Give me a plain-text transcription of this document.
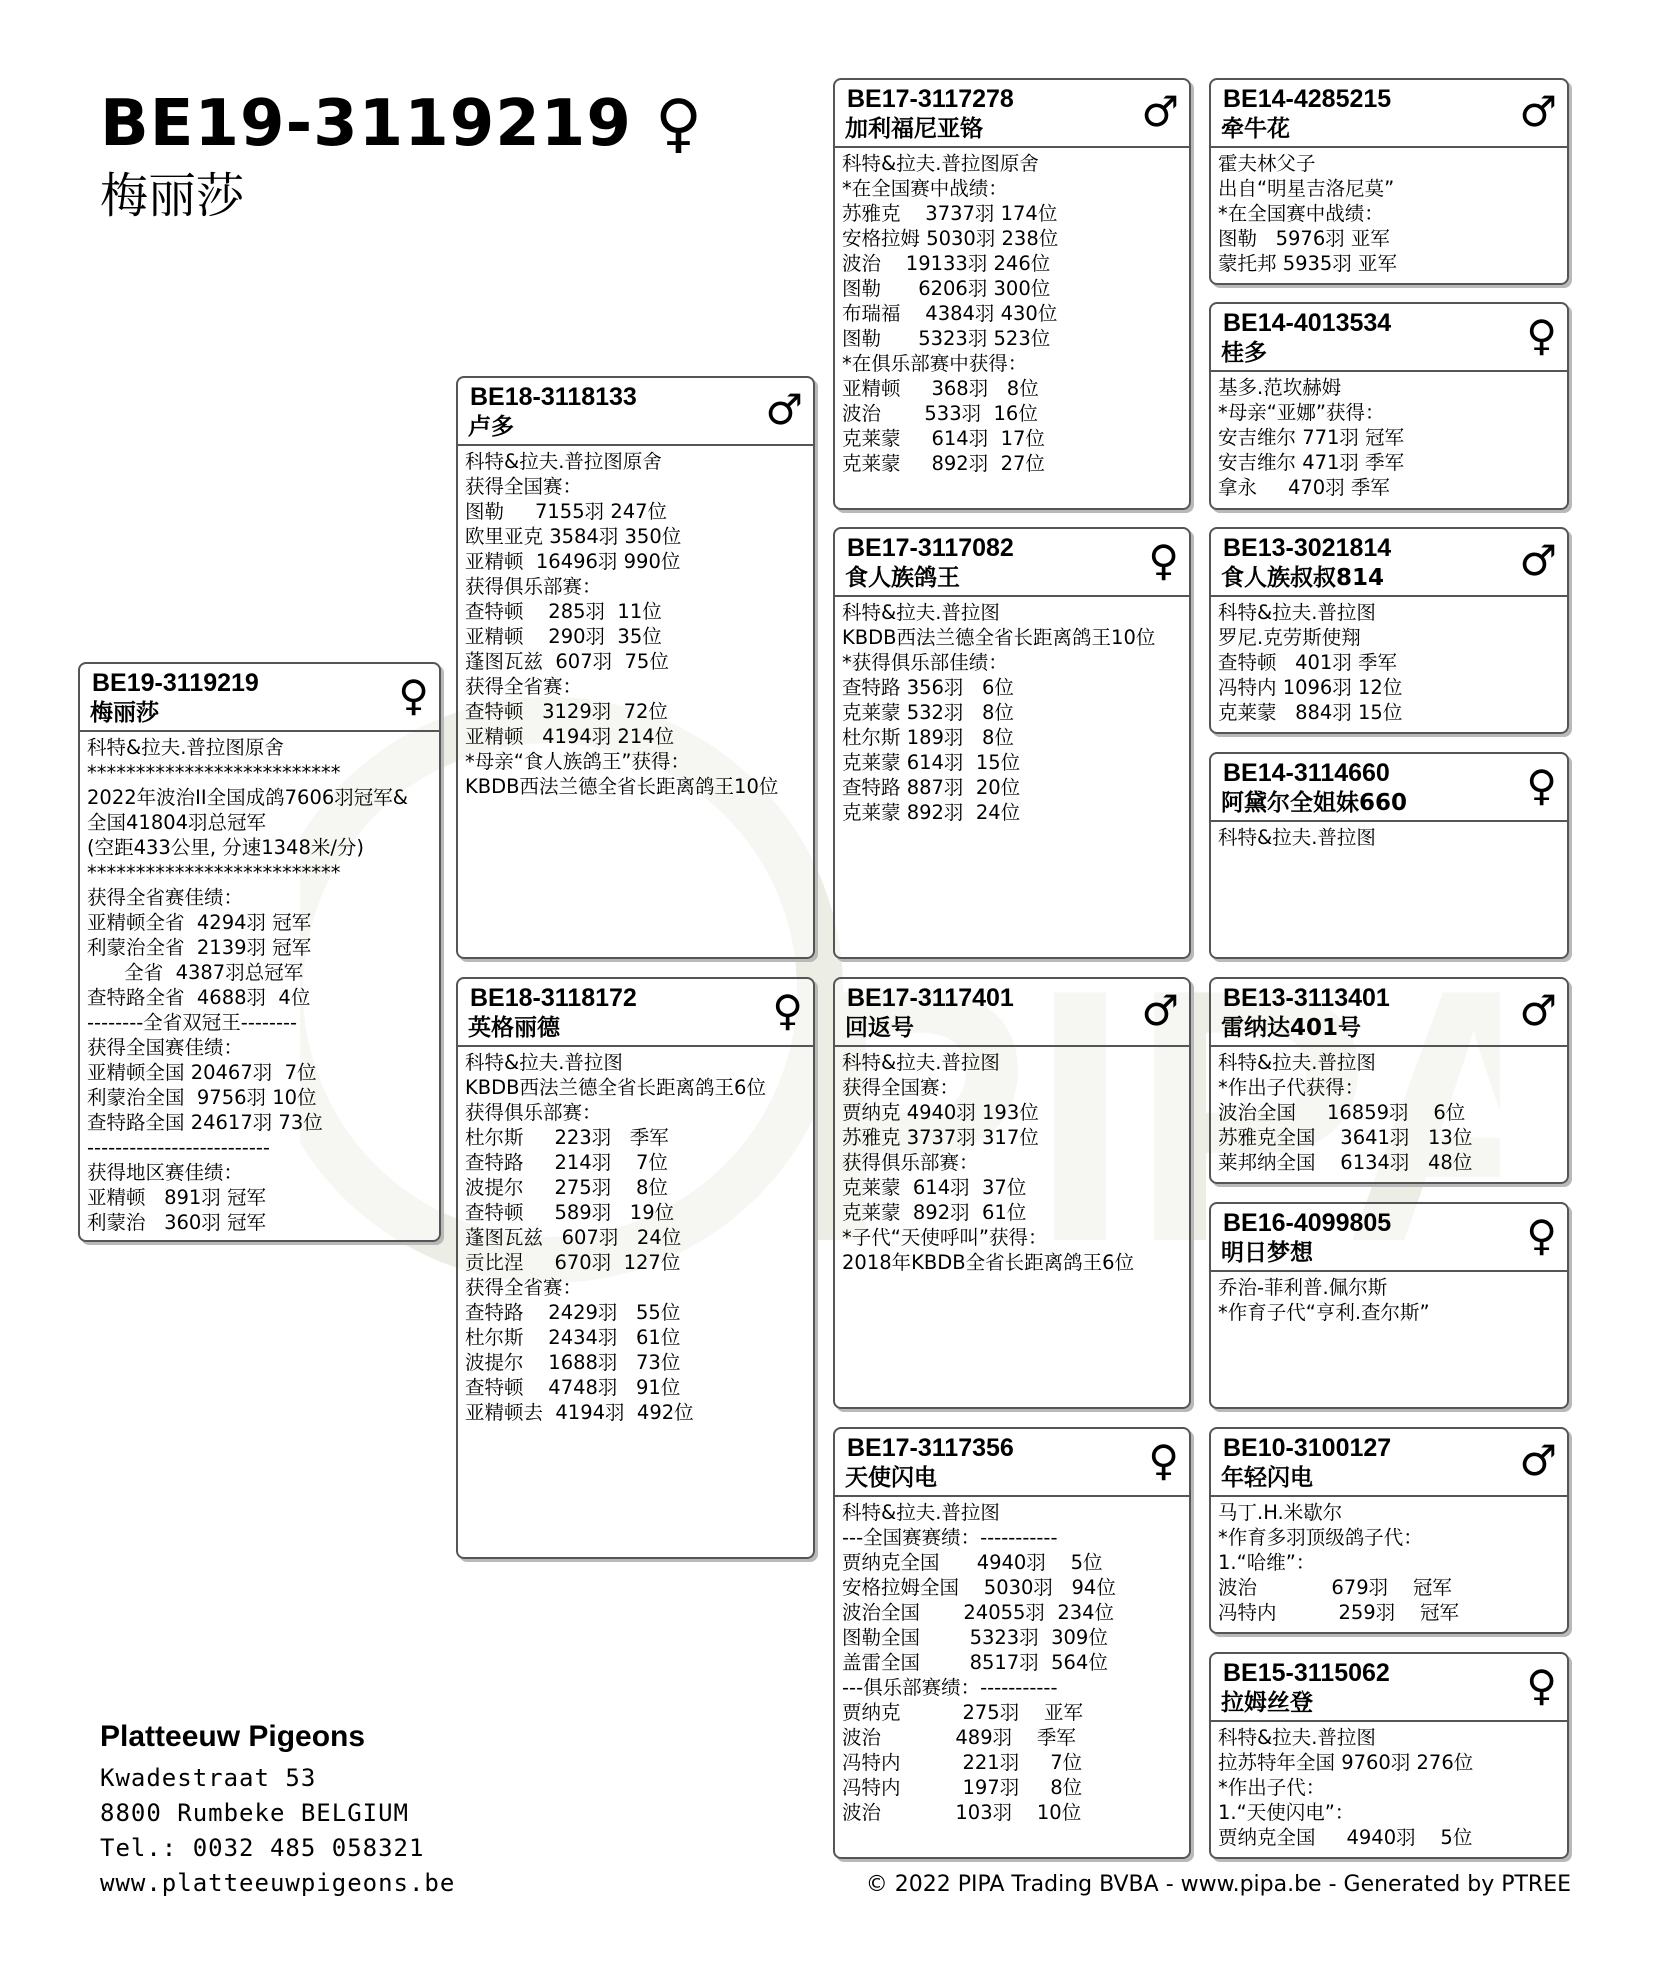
BE19-3119219 ♀
梅丽莎
Platteeuw Pigeons
Kwadestraat 53
8800 Rumbeke BELGIUM
Tel.: 0032 485 058321
www.platteeuwpigeons.be	© 2022 PIPA Trading BVBA - www.pipa.be - Generated by PTREE
BE19-3119219
梅丽莎	♀
科特&拉夫.普拉图原舍
**************************
2022年波治II全国成鸽7606羽冠军&
全国41804羽总冠军
(空距433公里, 分速1348米/分)
**************************
获得全省赛佳绩：
亚精顿全省  4294羽 冠军
利蒙治全省  2139羽 冠军
全省  4387羽总冠军
查特路全省  4688羽  4位
--------全省双冠王--------
获得全国赛佳绩：
亚精顿全国 20467羽  7位
利蒙治全国  9756羽 10位
查特路全国 24617羽 73位
--------------------------
获得地区赛佳绩：
亚精顿   891羽 冠军
利蒙治   360羽 冠军
BE18-3118133
卢多	♂
科特&拉夫.普拉图原舍
获得全国赛：
图勒     7155羽 247位
欧里亚克 3584羽 350位
亚精顿  16496羽 990位
获得俱乐部赛：
查特顿    285羽  11位
亚精顿    290羽  35位
蓬图瓦兹  607羽  75位
获得全省赛：
查特顿   3129羽  72位
亚精顿   4194羽 214位
*母亲“食人族鸽王”获得：
KBDB西法兰德全省长距离鸽王10位
BE18-3118172
英格丽德	♀
科特&拉夫.普拉图
KBDB西法兰德全省长距离鸽王6位
获得俱乐部赛：
杜尔斯     223羽   季军
查特路     214羽    7位
波提尔     275羽    8位
查特顿     589羽   19位
蓬图瓦兹   607羽   24位
贡比涅     670羽  127位
获得全省赛：
查特路    2429羽   55位
杜尔斯    2434羽   61位
波提尔    1688羽   73位
查特顿    4748羽   91位
亚精顿去  4194羽  492位
BE17-3117278
加利福尼亚铬	♂
科特&拉夫.普拉图原舍
*在全国赛中战绩：
苏雅克    3737羽 174位
安格拉姆 5030羽 238位
波治    19133羽 246位
图勒      6206羽 300位
布瑞福    4384羽 430位
图勒      5323羽 523位
*在俱乐部赛中获得：
亚精顿     368羽   8位
波治       533羽  16位
克莱蒙     614羽  17位
克莱蒙     892羽  27位
BE17-3117082
食人族鸽王	♀
科特&拉夫.普拉图
KBDB西法兰德全省长距离鸽王10位
*获得俱乐部佳绩：
查特路 356羽   6位
克莱蒙 532羽   8位
杜尔斯 189羽   8位
克莱蒙 614羽  15位
查特路 887羽  20位
克莱蒙 892羽  24位
BE17-3117401
回返号	♂
科特&拉夫.普拉图
获得全国赛：
贾纳克 4940羽 193位
苏雅克 3737羽 317位
获得俱乐部赛：
克莱蒙  614羽  37位
克莱蒙  892羽  61位
*子代“天使呼叫”获得：
2018年KBDB全省长距离鸽王6位
BE17-3117356
天使闪电	♀
科特&拉夫.普拉图
---全国赛赛绩：-----------
贾纳克全国      4940羽    5位
安格拉姆全国    5030羽   94位
波治全国       24055羽  234位
图勒全国        5323羽  309位
盖雷全国        8517羽  564位
---俱乐部赛绩：-----------
贾纳克          275羽    亚军
波治            489羽    季军
冯特内          221羽     7位
冯特内          197羽     8位
波治            103羽    10位
BE14-4285215
牵牛花	♂
霍夫林父子
出自“明星吉洛尼莫”
*在全国赛中战绩：
图勒   5976羽 亚军
蒙托邦 5935羽 亚军
BE14-4013534
桂多	♀
基多.范坎赫姆
*母亲“亚娜”获得：
安吉维尔 771羽 冠军
安吉维尔 471羽 季军
拿永     470羽 季军
BE13-3021814
食人族叔叔814	♂
科特&拉夫.普拉图
罗尼.克劳斯使翔
查特顿   401羽 季军
冯特内 1096羽 12位
克莱蒙   884羽 15位
BE14-3114660
阿黛尔全姐妹660	♀
科特&拉夫.普拉图
BE13-3113401
雷纳达401号	♂
科特&拉夫.普拉图
*作出子代获得：
波治全国     16859羽    6位
苏雅克全国    3641羽   13位
莱邦纳全国    6134羽   48位
BE16-4099805
明日梦想	♀
乔治-菲利普.佩尔斯
*作育子代“亨利.查尔斯”
BE10-3100127
年轻闪电	♂
马丁.H.米歇尔
*作育多羽顶级鸽子代：
1.“哈维”：
波治            679羽    冠军
冯特内          259羽    冠军
BE15-3115062
拉姆丝登	♀
科特&拉夫.普拉图
拉苏特年全国 9760羽 276位
*作出子代：
1.“天使闪电”：
贾纳克全国     4940羽    5位
